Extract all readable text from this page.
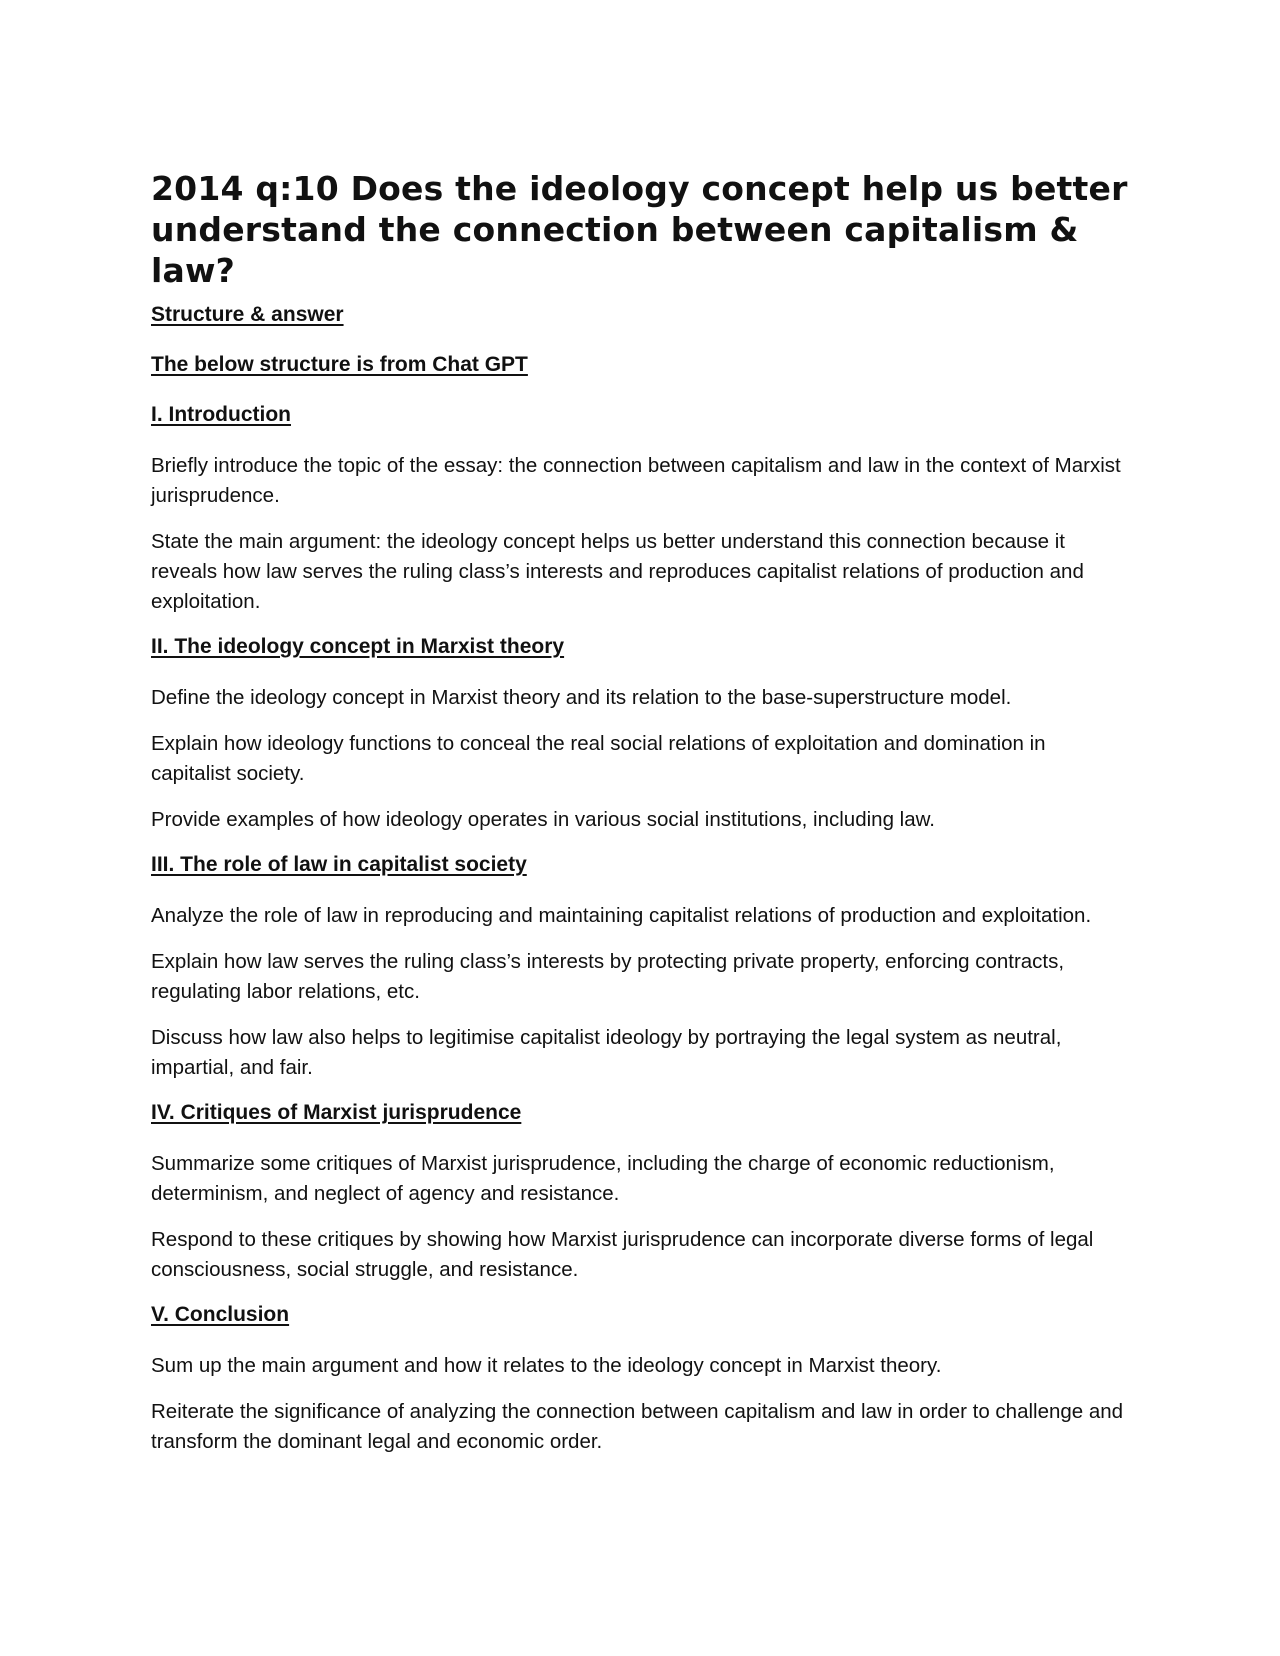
2014 q:10 Does the ideology concept help us better understand the connection between capitalism & law?

Structure & answer

The below structure is from Chat GPT

I. Introduction

Briefly introduce the topic of the essay: the connection between capitalism and law in the context of Marxist jurisprudence.

State the main argument: the ideology concept helps us better understand this connection because it reveals how law serves the ruling class’s interests and reproduces capitalist relations of production and exploitation.

II. The ideology concept in Marxist theory

Define the ideology concept in Marxist theory and its relation to the base-superstructure model.

Explain how ideology functions to conceal the real social relations of exploitation and domination in capitalist society.

Provide examples of how ideology operates in various social institutions, including law.

III. The role of law in capitalist society

Analyze the role of law in reproducing and maintaining capitalist relations of production and exploitation.

Explain how law serves the ruling class’s interests by protecting private property, enforcing contracts, regulating labor relations, etc.

Discuss how law also helps to legitimise capitalist ideology by portraying the legal system as neutral, impartial, and fair.

IV. Critiques of Marxist jurisprudence

Summarize some critiques of Marxist jurisprudence, including the charge of economic reductionism, determinism, and neglect of agency and resistance.

Respond to these critiques by showing how Marxist jurisprudence can incorporate diverse forms of legal consciousness, social struggle, and resistance.

V. Conclusion

Sum up the main argument and how it relates to the ideology concept in Marxist theory.

Reiterate the significance of analyzing the connection between capitalism and law in order to challenge and transform the dominant legal and economic order.
